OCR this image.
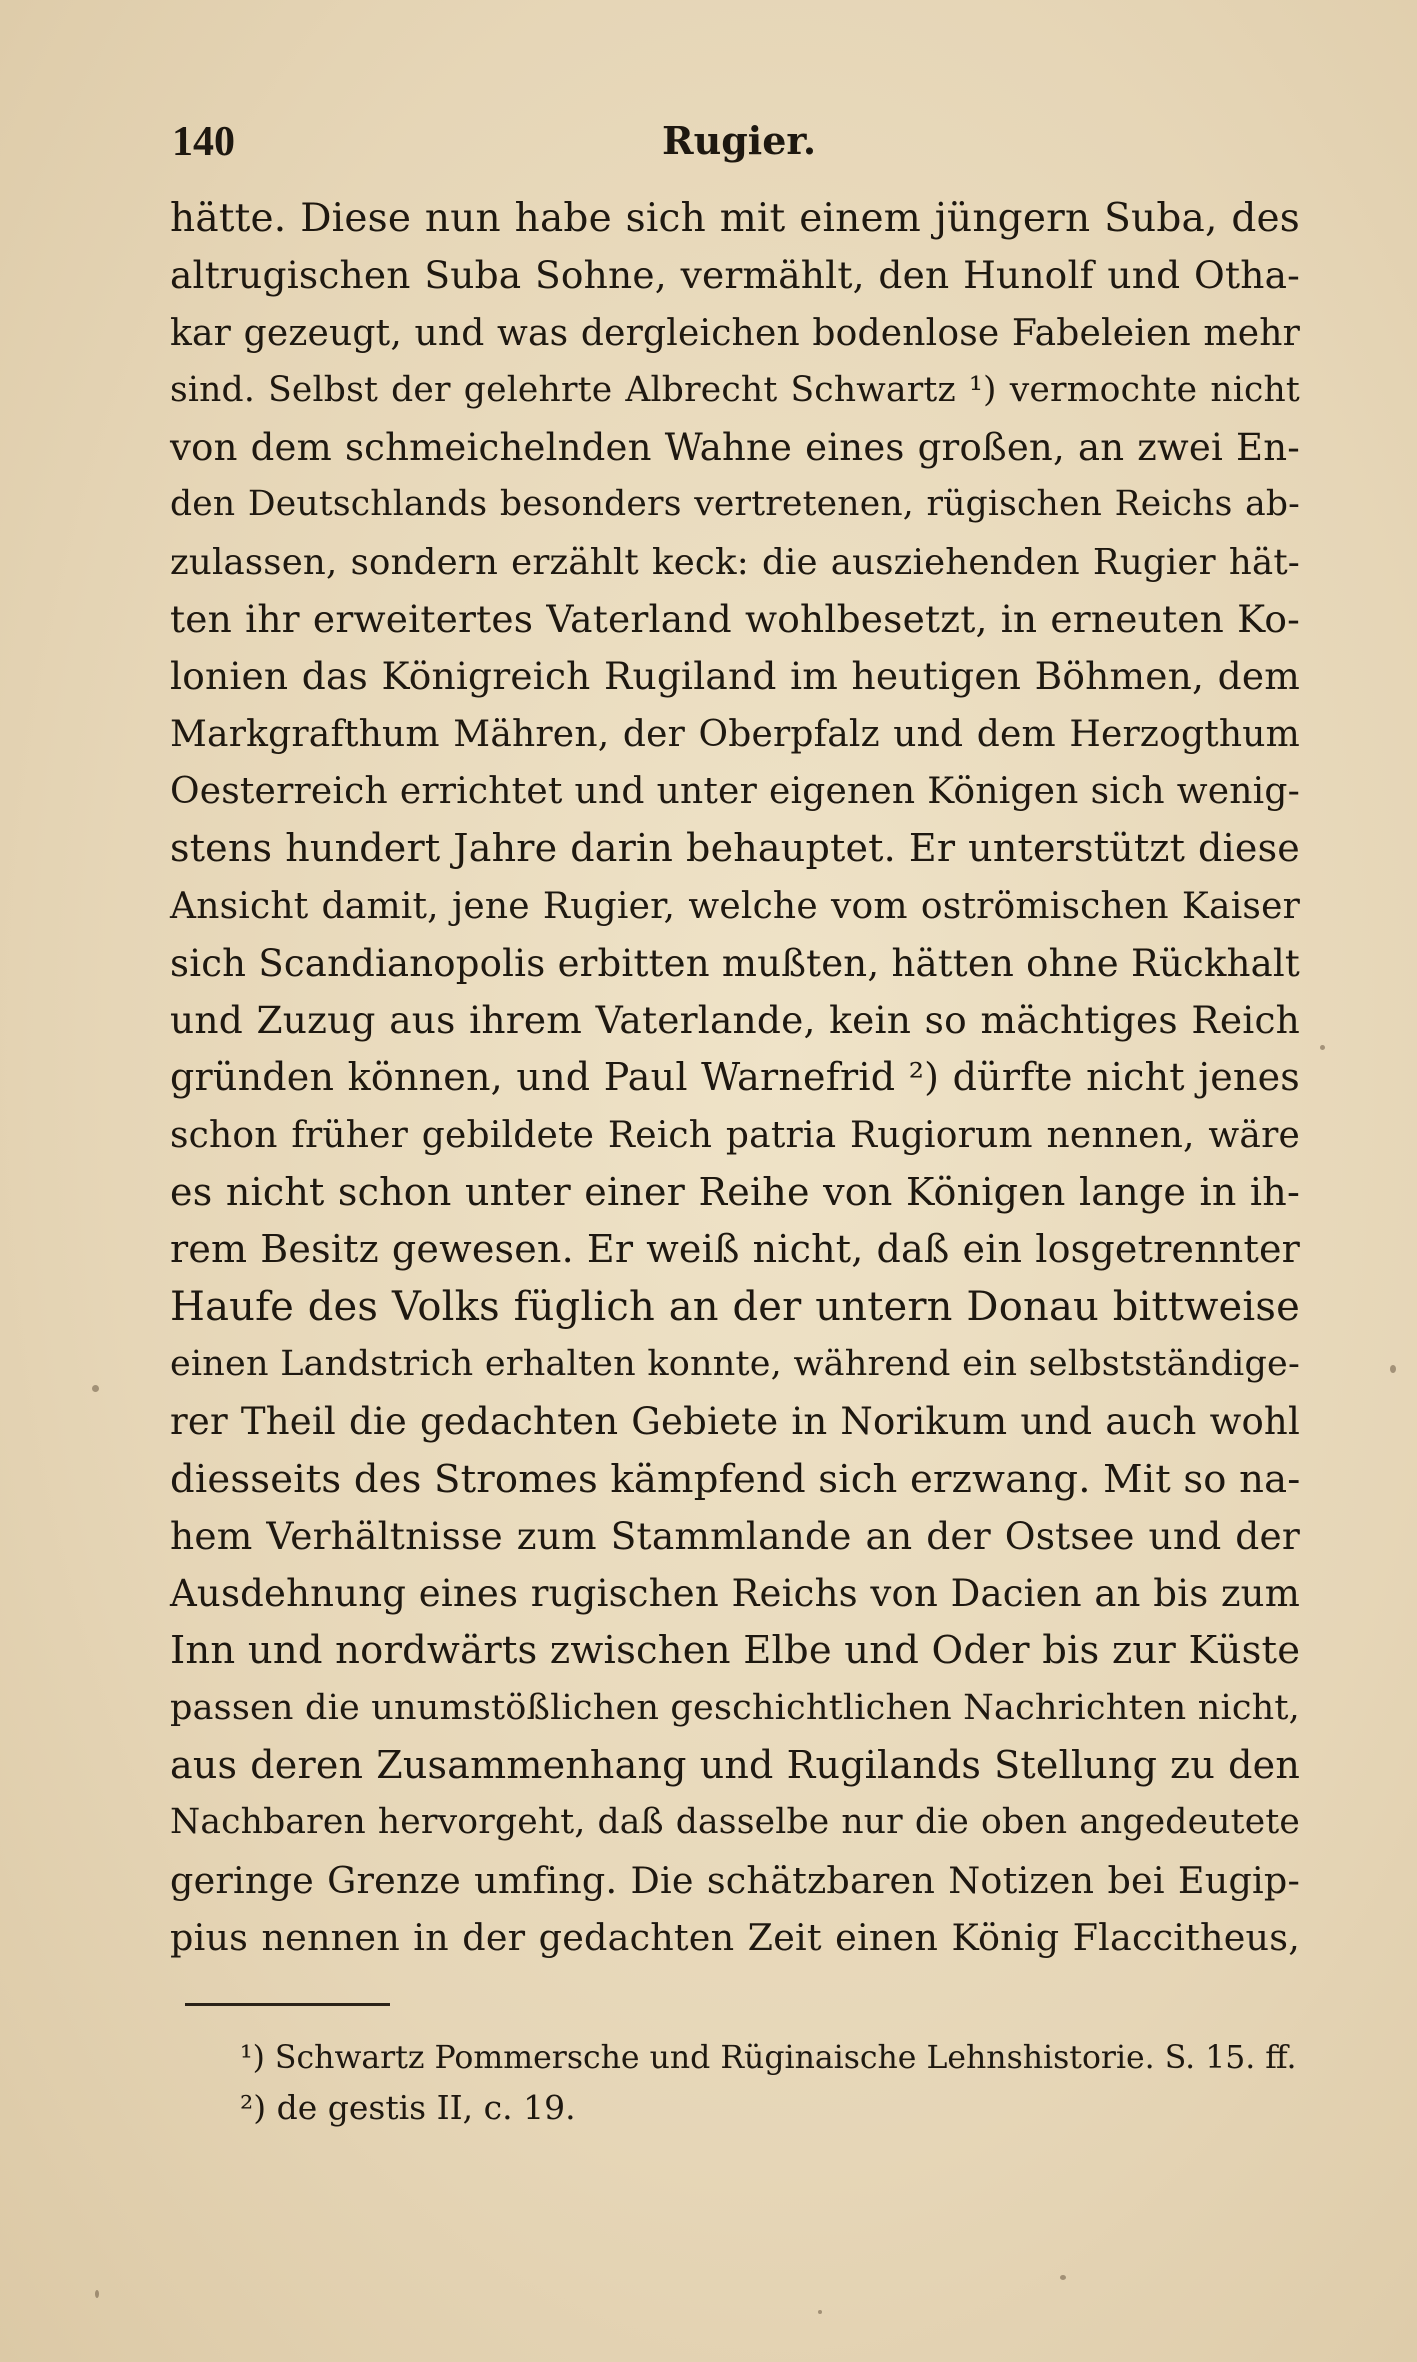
140	Rugier.
hätte. Diese nun habe sich mit einem jüngern Suba, des
altrugischen Suba Sohne, vermählt, den Hunolf und Otha-
kar gezeugt, und was dergleichen bodenlose Fabeleien mehr
sind. Selbst der gelehrte Albrecht Schwartz ¹) vermochte nicht
von dem schmeichelnden Wahne eines großen, an zwei En-
den Deutschlands besonders vertretenen, rügischen Reichs ab-
zulassen, sondern erzählt keck: die ausziehenden Rugier hät-
ten ihr erweitertes Vaterland wohlbesetzt, in erneuten Ko-
lonien das Königreich Rugiland im heutigen Böhmen, dem
Markgrafthum Mähren, der Oberpfalz und dem Herzogthum
Oesterreich errichtet und unter eigenen Königen sich wenig-
stens hundert Jahre darin behauptet. Er unterstützt diese
Ansicht damit, jene Rugier, welche vom oströmischen Kaiser
sich Scandianopolis erbitten mußten, hätten ohne Rückhalt
und Zuzug aus ihrem Vaterlande, kein so mächtiges Reich
gründen können, und Paul Warnefrid ²) dürfte nicht jenes
schon früher gebildete Reich patria Rugiorum nennen, wäre
es nicht schon unter einer Reihe von Königen lange in ih-
rem Besitz gewesen. Er weiß nicht, daß ein losgetrennter
Haufe des Volks füglich an der untern Donau bittweise
einen Landstrich erhalten konnte, während ein selbstständige-
rer Theil die gedachten Gebiete in Norikum und auch wohl
diesseits des Stromes kämpfend sich erzwang. Mit so na-
hem Verhältnisse zum Stammlande an der Ostsee und der
Ausdehnung eines rugischen Reichs von Dacien an bis zum
Inn und nordwärts zwischen Elbe und Oder bis zur Küste
passen die unumstößlichen geschichtlichen Nachrichten nicht,
aus deren Zusammenhang und Rugilands Stellung zu den
Nachbaren hervorgeht, daß dasselbe nur die oben angedeutete
geringe Grenze umfing. Die schätzbaren Notizen bei Eugip-
pius nennen in der gedachten Zeit einen König Flaccitheus,
¹) Schwartz Pommersche und Rüginaische Lehnshistorie. S. 15. ff.
²) de gestis II, c. 19.
